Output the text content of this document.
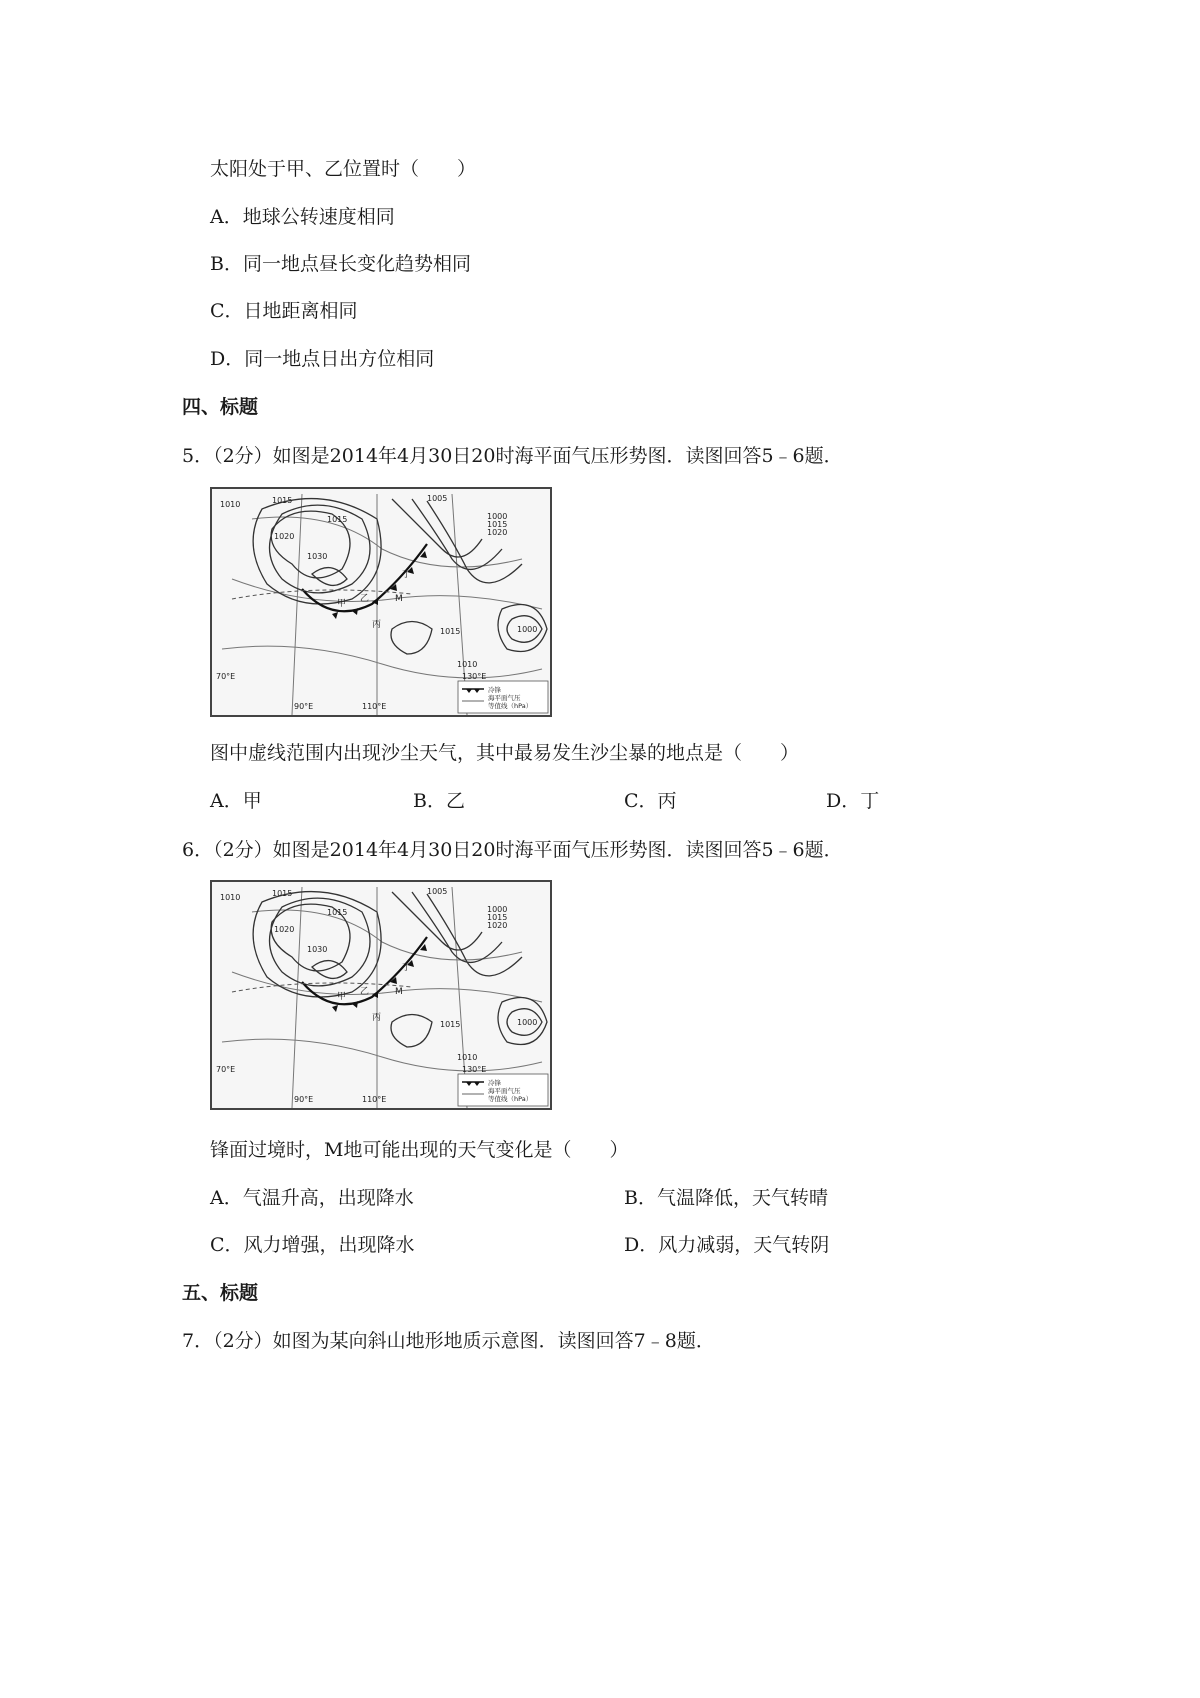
太阳处于甲、乙位置时（　　）
A．地球公转速度相同
B．同一地点昼长变化趋势相同
C．日地距离相同
D．同一地点日出方位相同
四、标题
5．（2分）如图是2014年4月30日20时海平面气压形势图．读图回答5﹣6题．
1010	1015
1020
1030
1015
1005
1000
1015
1020
1015
1010
1000
甲 乙
丙
丁
M
90°E	110°E
130°E
70°E
冷锋
海平面气压
等值线（hPa）
图中虚线范围内出现沙尘天气，其中最易发生沙尘暴的地点是（　　）
A．甲	B．乙	C．丙	D．丁
6．（2分）如图是2014年4月30日20时海平面气压形势图．读图回答5﹣6题．
1010	1015
1020
1030
1015
1005
1000
1015
1020
1015
1010
1000
甲 乙
丙
丁
M
90°E	110°E
130°E
70°E
冷锋
海平面气压
等值线（hPa）
锋面过境时，M地可能出现的天气变化是（　　）
A．气温升高，出现降水	B．气温降低，天气转晴
C．风力增强，出现降水	D．风力减弱，天气转阴
五、标题
7．（2分）如图为某向斜山地形地质示意图．读图回答7﹣8题．
